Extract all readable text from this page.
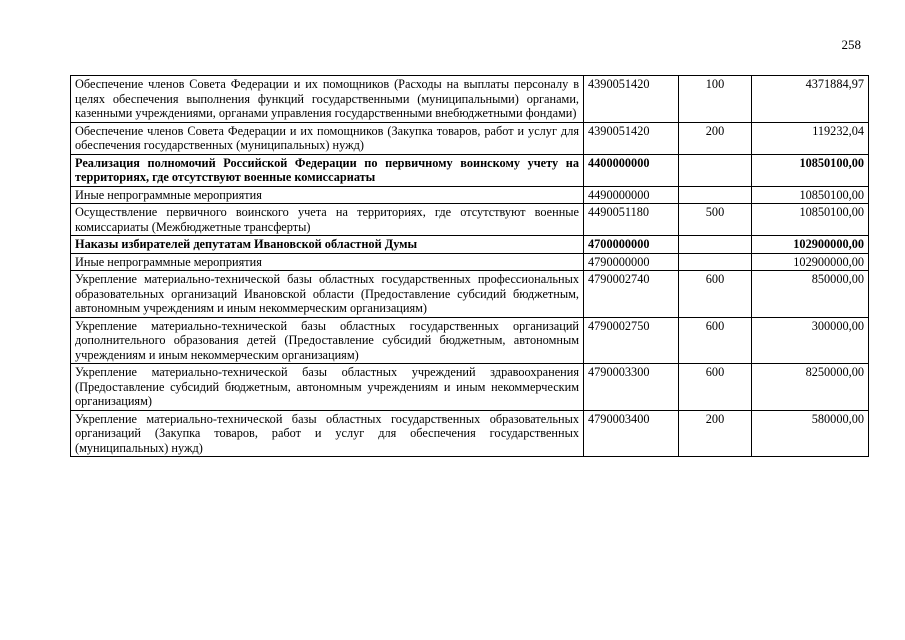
258
Обеспечение членов Совета Федерации и их помощников (Расходы на выплаты персоналу в целях обеспечения выполнения функций государственными (муниципальными) органами, казенными учреждениями, органами управления государственными внебюджетными фондами)	4390051420	100	4371884,97
Обеспечение членов Совета Федерации и их помощников (Закупка товаров, работ и услуг для обеспечения государственных (муниципальных) нужд)	4390051420	200	119232,04
Реализация полномочий Российской Федерации по первичному воинскому учету на территориях, где отсутствуют военные комиссариаты	4400000000		10850100,00
Иные непрограммные мероприятия	4490000000		10850100,00
Осуществление первичного воинского учета на территориях, где отсутствуют военные комиссариаты (Межбюджетные трансферты)	4490051180	500	10850100,00
Наказы избирателей депутатам Ивановской областной Думы	4700000000		102900000,00
Иные непрограммные мероприятия	4790000000		102900000,00
Укрепление материально-технической базы областных государственных профессиональных образовательных организаций Ивановской области (Предоставление субсидий бюджетным, автономным учреждениям и иным некоммерческим организациям)	4790002740	600	850000,00
Укрепление материально-технической базы областных государственных организаций дополнительного образования детей (Предоставление субсидий бюджетным, автономным учреждениям и иным некоммерческим организациям)	4790002750	600	300000,00
Укрепление материально-технической базы областных учреждений здравоохранения (Предоставление субсидий бюджетным, автономным учреждениям и иным некоммерческим организациям)	4790003300	600	8250000,00
Укрепление материально-технической базы областных государственных образовательных организаций (Закупка товаров, работ и услуг для обеспечения государственных (муниципальных) нужд)	4790003400	200	580000,00
